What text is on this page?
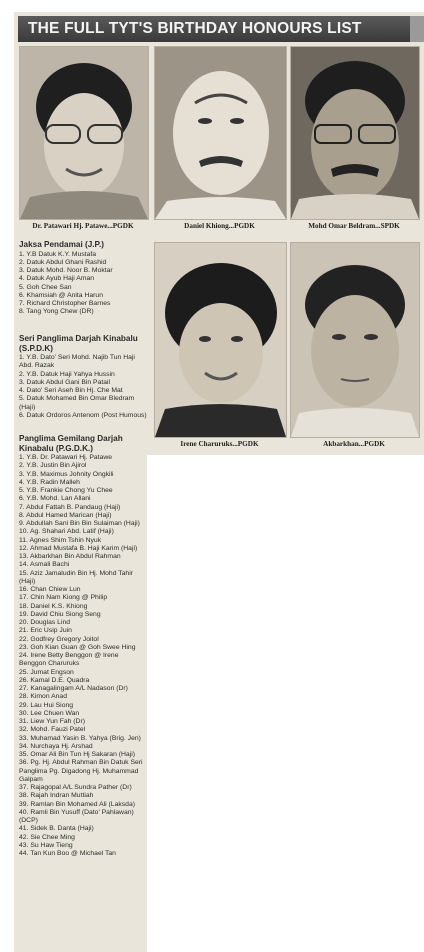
THE FULL TYT'S BIRTHDAY HONOURS LIST
Dr. Patawari Hj. Patawe...PGDK	Daniel Khiong...PGDK	Mohd Omar Beldram...SPDK
Irene Charuruks...PGDK	Akbarkhan...PGDK
Jaksa Pendamai (J.P.)
1. Y.B Datuk K.Y. Mustafa
2. Datuk Abdul Ghani Rashid
3. Datuk Mohd. Noor B. Moktar
4. Datuk Ayub Haji Aman
5. Goh Chee San
6. Khamsiah @ Anita Harun
7. Richard Christopher Barnes
8. Tang Yong Chew (DR)
Seri Panglima Darjah Kinabalu (S.P.D.K)
1. Y.B. Dato' Seri Mohd. Najib Tun Haji Abd. Razak
2. Y.B. Datuk Haji Yahya Hussin
3. Datuk Abdul Gani Bin Patail
4. Dato' Seri Aseh Bin Hj. Che Mat
5. Datuk Mohamed Bin Omar Bledram (Haji)
6. Datuk Ordoros Antenom (Post Humous)
Panglima Gemilang Darjah Kinabalu (P.G.D.K.)
1. Y.B. Dr. Patawari Hj. Patawe
2. Y.B. Justin Bin Ajirol
3. Y.B. Maximus Johnity Ongkili
4. Y.B. Radin Malleh
5. Y.B. Frankie Chong Yu Chee
6. Y.B. Mohd. Lan Allani
7. Abdul Fattah B. Pandaug (Haji)
8. Abdul Hamed Marican (Haji)
9. Abdullah Sani Bin Bin Sulaiman (Haji)
10. Ag. Shahari Abd. Latif (Haji)
11. Agnes Shim Tshin Nyuk
12. Ahmad Mustafa B. Haji Karim (Haji)
13. Akbarkhan Bin Abdul Rahman
14. Asmali Bachi
15. Aziz Jamaludin Bin Hj. Mohd Tahir (Haji)
16. Chan Chiew Lun
17. Chin Nam Kiong @ Philip
18. Daniel K.S. Khiong
19. David Chiu Siong Seng
20. Douglas Lind
21. Eric Usip Juin
22. Godfrey Gregory Joitol
23. Goh Kian Guan @ Goh Swee Hing
24. Irene Betty Benggon @ Irene Benggon Charuruks
25. Jumat Engson
26. Kamal D.E. Quadra
27. Kanagalingam A/L Nadason (Dr)
28. Kimon Anad
29. Lau Hui Siong
30. Lee Chuen Wan
31. Liew Yun Fah (Dr)
32. Mohd. Fauzi Patel
33. Muhamad Yasin B. Yahya (Brig. Jen)
34. Nurchaya Hj. Arshad
35. Omar Ali Bin Tun Hj Sakaran (Haji)
36. Pg. Hj. Abdul Rahman Bin Datuk Seri Panglima Pg. Digadong Hj. Muhammad Galpam
37. Rajagopal A/L Sundra Pather (Dr)
38. Rajah Indran Muttiah
39. Ramlan Bin Mohamed Ali (Laksda)
40. Ramli Bin Yusuff (Dato' Pahlawan) (DCP)
41. Sidek B. Danta (Haji)
42. Sie Chee Ming
43. Su Haw Tieng
44. Tan Kun Boo @ Michael Tan
